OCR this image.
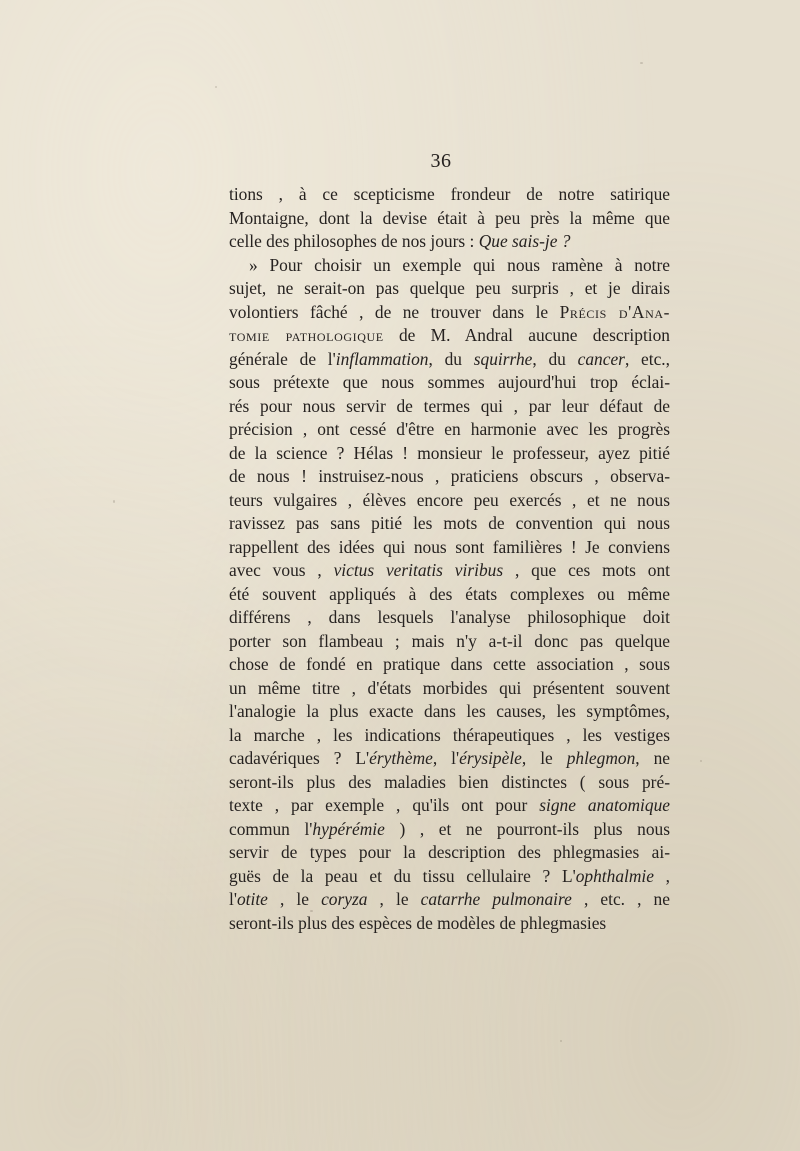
36
tions , à ce scepticisme frondeur de notre satirique
Montaigne, dont la devise était à peu près la même que
celle des philosophes de nos jours : Que sais-je ?
» Pour choisir un exemple qui nous ramène à notre
sujet, ne serait-on pas quelque peu surpris , et je dirais
volontiers fâché , de ne trouver dans le Précis d'Ana-
tomie pathologique de M. Andral aucune description
générale de l'inflammation, du squirrhe, du cancer, etc.,
sous prétexte que nous sommes aujourd'hui trop éclai-
rés pour nous servir de termes qui , par leur défaut de
précision , ont cessé d'être en harmonie avec les progrès
de la science ? Hélas ! monsieur le professeur, ayez pitié
de nous ! instruisez-nous , praticiens obscurs , observa-
teurs vulgaires , élèves encore peu exercés , et ne nous
ravissez pas sans pitié les mots de convention qui nous
rappellent des idées qui nous sont familières ! Je conviens
avec vous , victus veritatis viribus , que ces mots ont
été souvent appliqués à des états complexes ou même
différens , dans lesquels l'analyse philosophique doit
porter son flambeau ; mais n'y a-t-il donc pas quelque
chose de fondé en pratique dans cette association , sous
un même titre , d'états morbides qui présentent souvent
l'analogie la plus exacte dans les causes, les symptômes,
la marche , les indications thérapeutiques , les vestiges
cadavériques ? L'érythème, l'érysipèle, le phlegmon, ne
seront-ils plus des maladies bien distinctes ( sous pré-
texte , par exemple , qu'ils ont pour signe anatomique
commun l'hypérémie ) , et ne pourront-ils plus nous
servir de types pour la description des phlegmasies ai-
guës de la peau et du tissu cellulaire ? L'ophthalmie ,
l'otite , le coryza , le catarrhe pulmonaire , etc. , ne
seront-ils plus des espèces de modèles de phlegmasies
